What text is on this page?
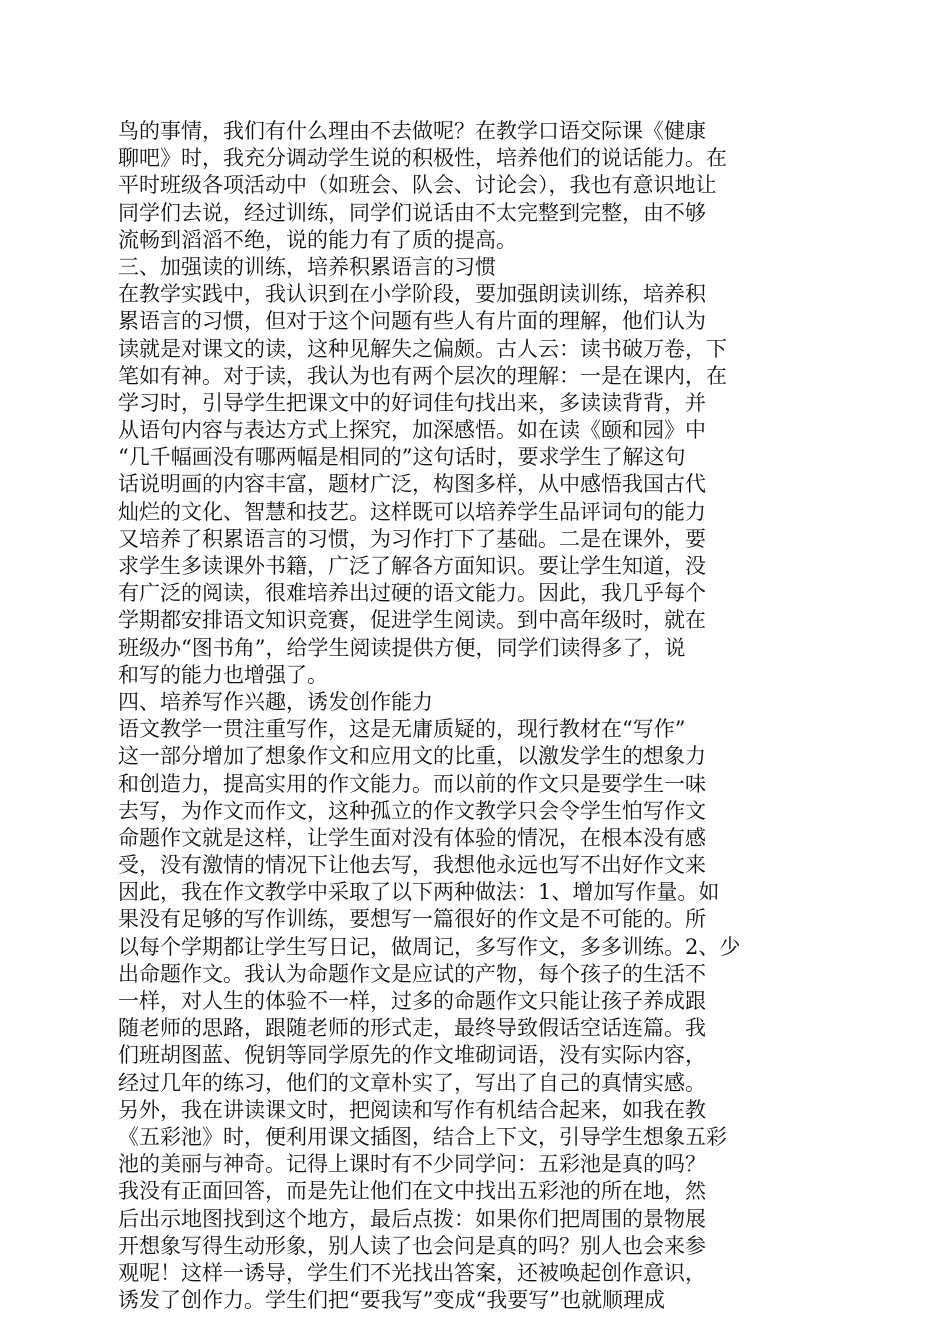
鸟的事情，我们有什么理由不去做呢？在教学口语交际课《健康
聊吧》时，我充分调动学生说的积极性，培养他们的说话能力。在
平时班级各项活动中（如班会、队会、讨论会），我也有意识地让
同学们去说，经过训练，同学们说话由不太完整到完整，由不够
流畅到滔滔不绝，说的能力有了质的提高。
三、加强读的训练，培养积累语言的习惯
在教学实践中，我认识到在小学阶段，要加强朗读训练，培养积
累语言的习惯，但对于这个问题有些人有片面的理解，他们认为
读就是对课文的读，这种见解失之偏颇。古人云：读书破万卷，下
笔如有神。对于读，我认为也有两个层次的理解：一是在课内，在
学习时，引导学生把课文中的好词佳句找出来，多读读背背，并
从语句内容与表达方式上探究，加深感悟。如在读《颐和园》中
“几千幅画没有哪两幅是相同的”这句话时，要求学生了解这句
话说明画的内容丰富，题材广泛，构图多样，从中感悟我国古代
灿烂的文化、智慧和技艺。这样既可以培养学生品评词句的能力
又培养了积累语言的习惯，为习作打下了基础。二是在课外，要
求学生多读课外书籍，广泛了解各方面知识。要让学生知道，没
有广泛的阅读，很难培养出过硬的语文能力。因此，我几乎每个
学期都安排语文知识竞赛，促进学生阅读。到中高年级时，就在
班级办“图书角”，给学生阅读提供方便，同学们读得多了，说
和写的能力也增强了。
四、培养写作兴趣，诱发创作能力
语文教学一贯注重写作，这是无庸质疑的，现行教材在“写作”
这一部分增加了想象作文和应用文的比重，以激发学生的想象力
和创造力，提高实用的作文能力。而以前的作文只是要学生一味
去写，为作文而作文，这种孤立的作文教学只会令学生怕写作文
命题作文就是这样，让学生面对没有体验的情况，在根本没有感
受，没有激情的情况下让他去写，我想他永远也写不出好作文来
因此，我在作文教学中采取了以下两种做法：1、增加写作量。如
果没有足够的写作训练，要想写一篇很好的作文是不可能的。所
以每个学期都让学生写日记，做周记，多写作文，多多训练。2、少
出命题作文。我认为命题作文是应试的产物，每个孩子的生活不
一样，对人生的体验不一样，过多的命题作文只能让孩子养成跟
随老师的思路，跟随老师的形式走，最终导致假话空话连篇。我
们班胡图蓝、倪钥等同学原先的作文堆砌词语，没有实际内容，
经过几年的练习，他们的文章朴实了，写出了自己的真情实感。
另外，我在讲读课文时，把阅读和写作有机结合起来，如我在教
《五彩池》时，便利用课文插图，结合上下文，引导学生想象五彩
池的美丽与神奇。记得上课时有不少同学问：五彩池是真的吗？
我没有正面回答，而是先让他们在文中找出五彩池的所在地，然
后出示地图找到这个地方，最后点拨：如果你们把周围的景物展
开想象写得生动形象，别人读了也会问是真的吗？别人也会来参
观呢！这样一诱导，学生们不光找出答案，还被唤起创作意识，
诱发了创作力。学生们把“要我写”变成“我要写”也就顺理成
